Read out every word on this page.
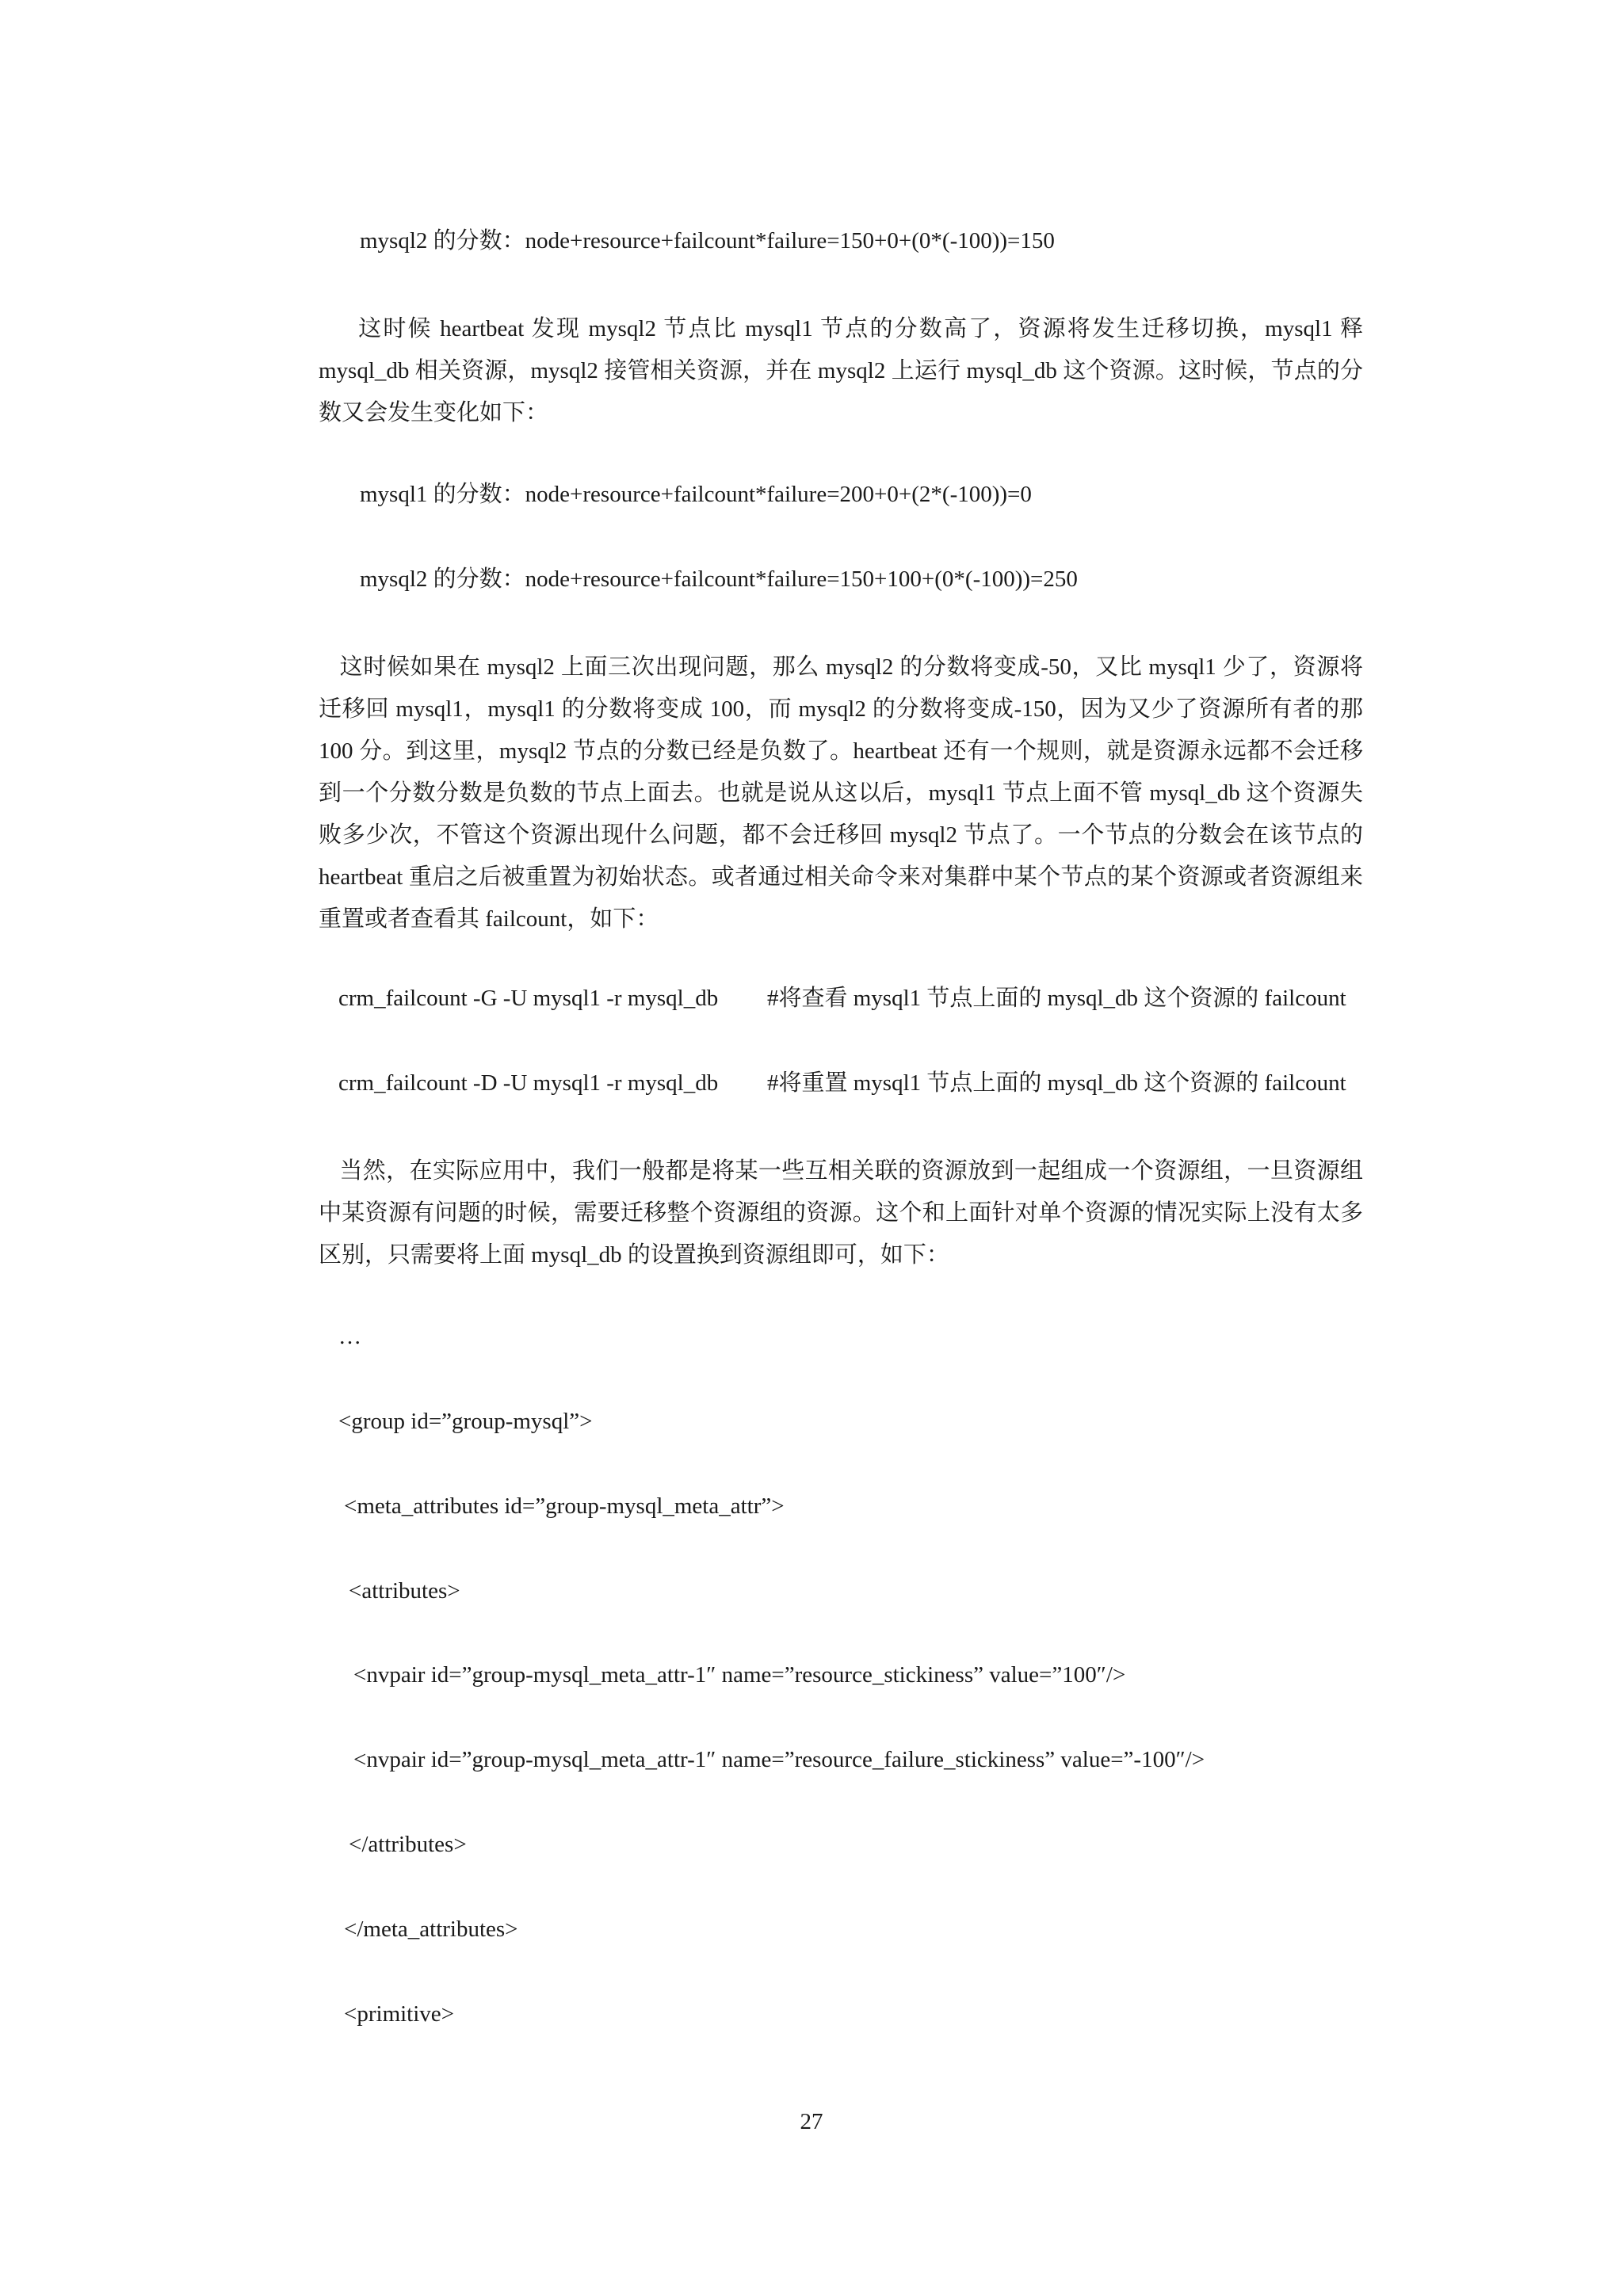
mysql2 的分数：node+resource+failcount*failure=150+0+(0*(-100))=150
这时候 heartbeat 发现 mysql2 节点比 mysql1 节点的分数高了，资源将发生迁移切换，mysql1 释 mysql_db 相关资源，mysql2 接管相关资源，并在 mysql2 上运行 mysql_db 这个资源。这时候，节点的分数又会发生变化如下：
mysql1 的分数：node+resource+failcount*failure=200+0+(2*(-100))=0
mysql2 的分数：node+resource+failcount*failure=150+100+(0*(-100))=250
这时候如果在 mysql2 上面三次出现问题，那么 mysql2 的分数将变成-50，又比 mysql1 少了，资源将迁移回 mysql1，mysql1 的分数将变成 100，而 mysql2 的分数将变成-150，因为又少了资源所有者的那 100 分。到这里，mysql2 节点的分数已经是负数了。heartbeat 还有一个规则，就是资源永远都不会迁移到一个分数分数是负数的节点上面去。也就是说从这以后，mysql1 节点上面不管 mysql_db 这个资源失败多少次，不管这个资源出现什么问题，都不会迁移回 mysql2 节点了。一个节点的分数会在该节点的 heartbeat 重启之后被重置为初始状态。或者通过相关命令来对集群中某个节点的某个资源或者资源组来重置或者查看其 failcount，如下：
crm_failcount -G -U mysql1 -r mysql_db #将查看 mysql1 节点上面的 mysql_db 这个资源的 failcount
crm_failcount -D -U mysql1 -r mysql_db #将重置 mysql1 节点上面的 mysql_db 这个资源的 failcount
当然，在实际应用中，我们一般都是将某一些互相关联的资源放到一起组成一个资源组，一旦资源组中某资源有问题的时候，需要迁移整个资源组的资源。这个和上面针对单个资源的情况实际上没有太多区别，只需要将上面 mysql_db 的设置换到资源组即可，如下：
…
<group id=”group-mysql”>
<meta_attributes id=”group-mysql_meta_attr”>
<attributes>
<nvpair id=”group-mysql_meta_attr-1″ name=”resource_stickiness” value=”100″/>
<nvpair id=”group-mysql_meta_attr-1″ name=”resource_failure_stickiness” value=”-100″/>
</attributes>
</meta_attributes>
<primitive>
27
